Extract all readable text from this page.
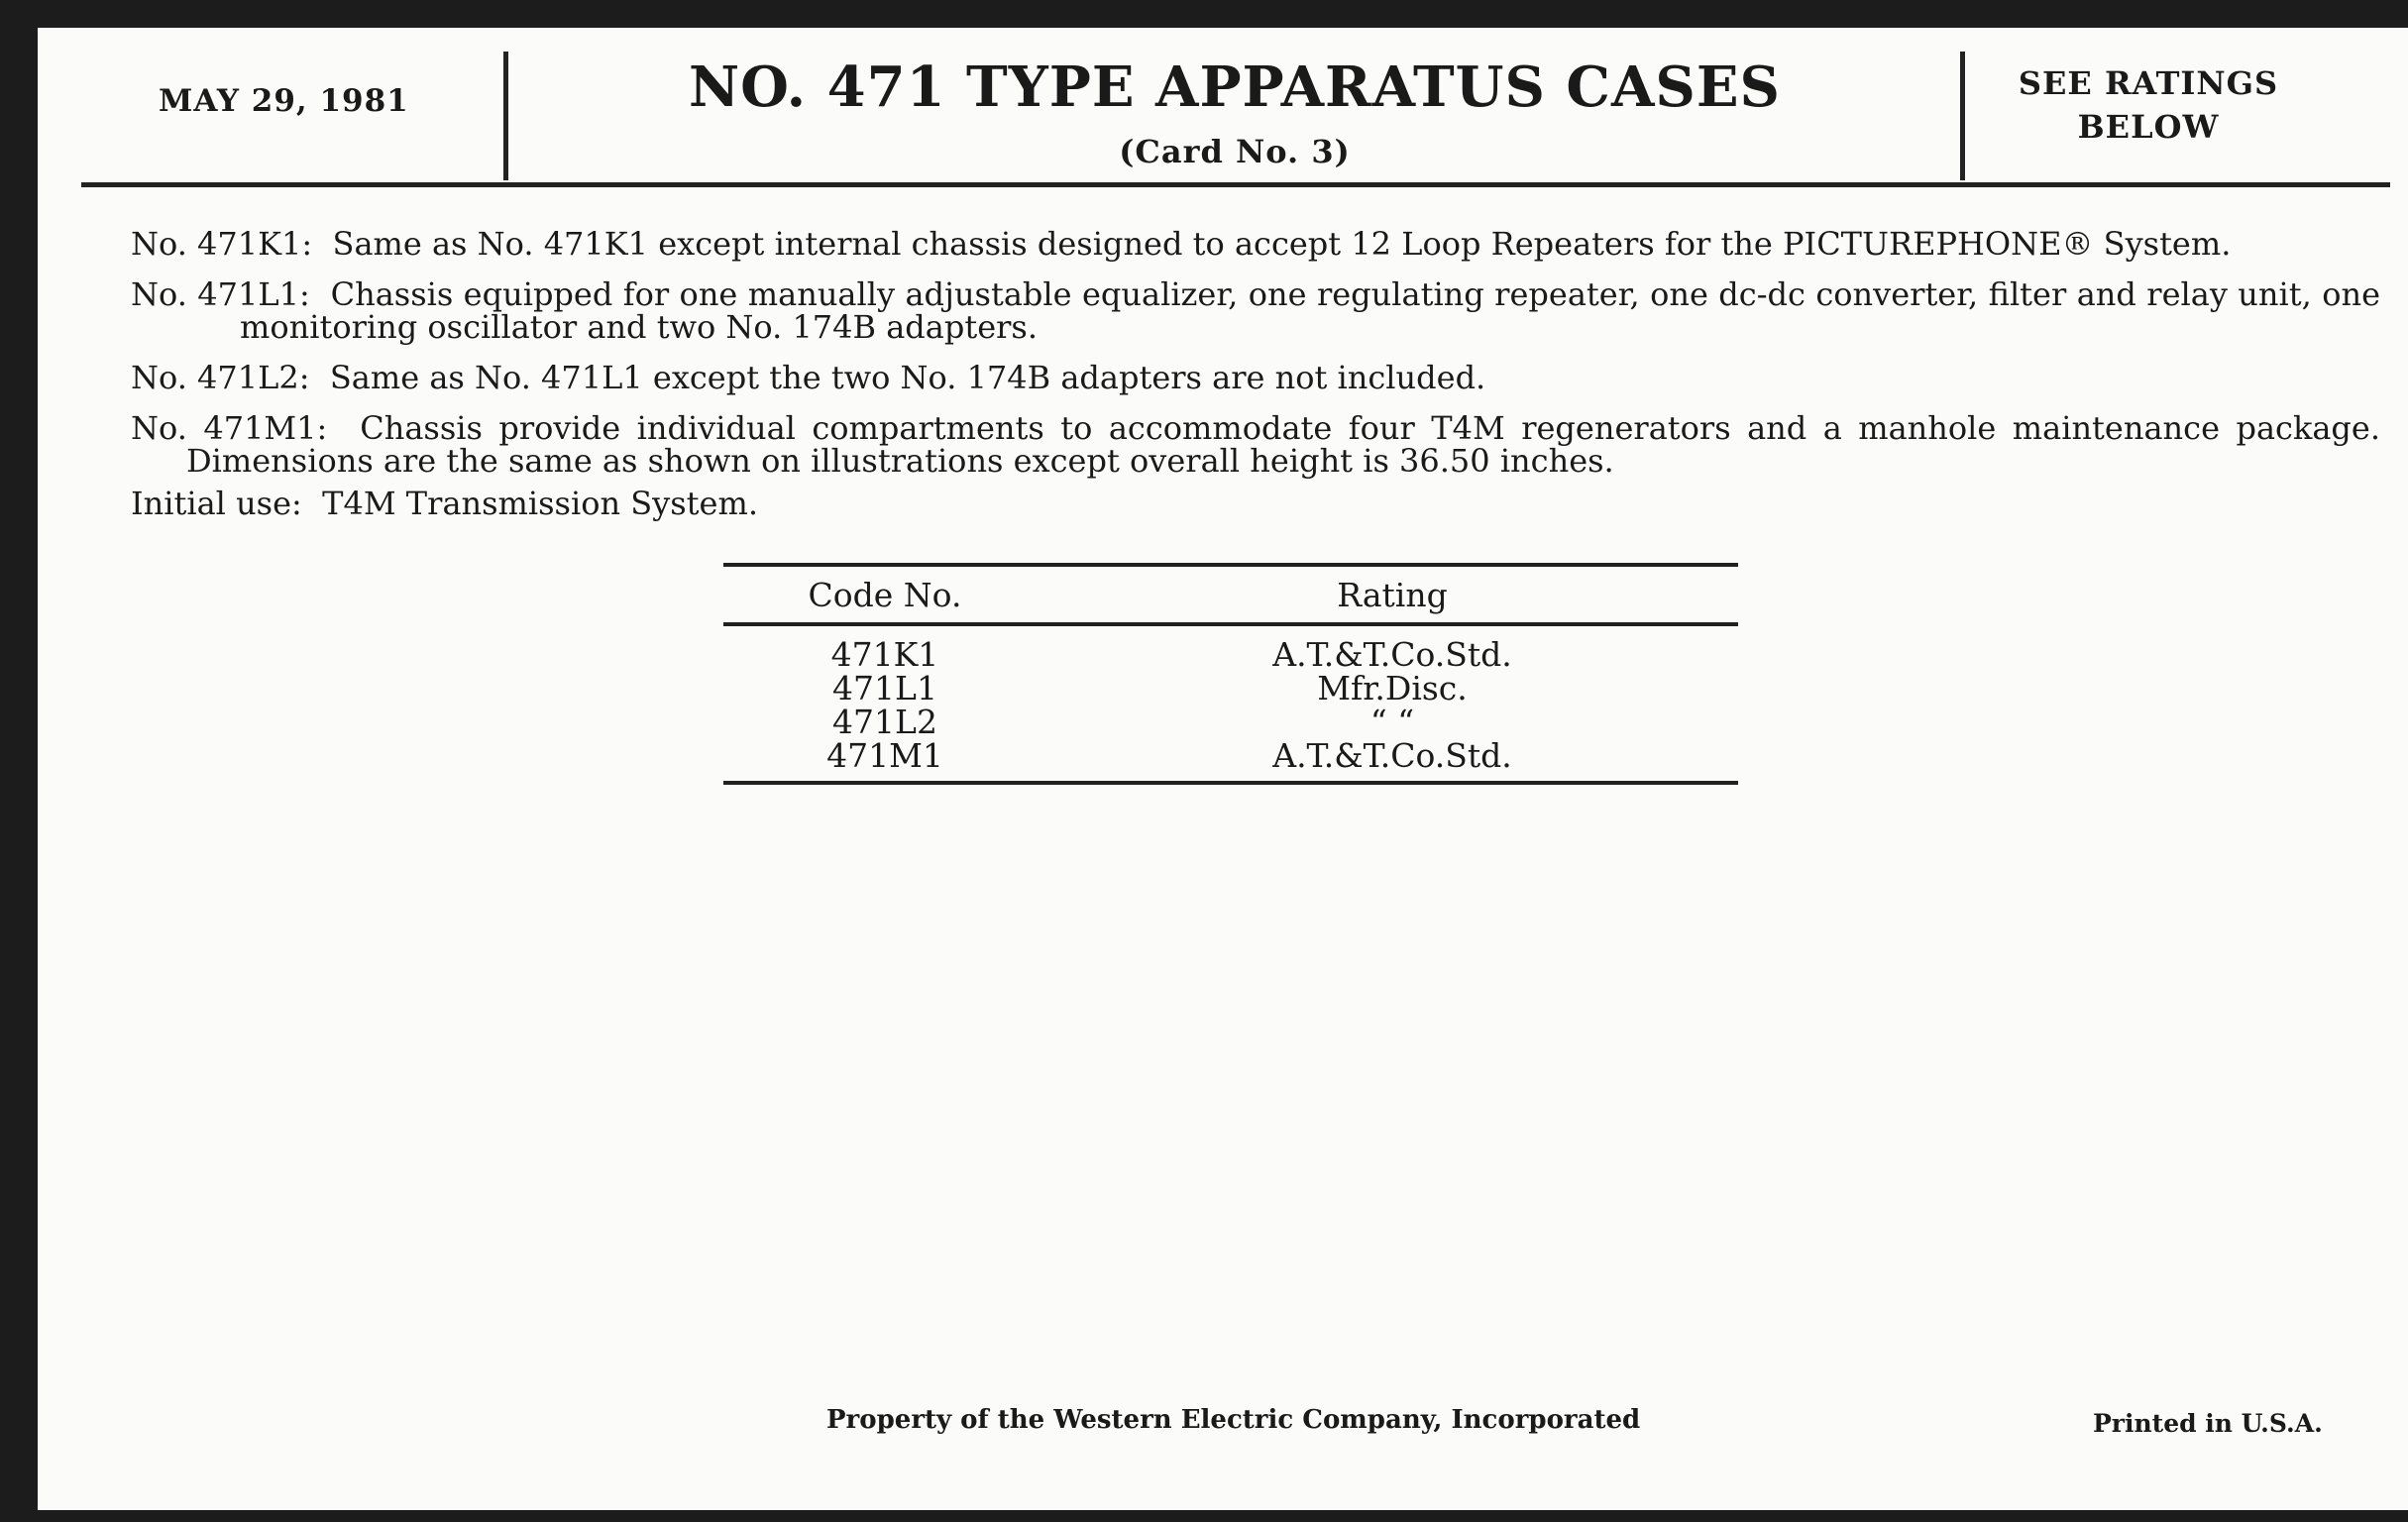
MAY 29, 1981	NO. 471 TYPE APPARATUS CASES
(Card No. 3)
SEE RATINGS
BELOW
No. 471K1: Same as No. 471K1 except internal chassis designed to accept 12 Loop Repeaters for the PICTUREPHONE® System.
No. 471L1: Chassis equipped for one manually adjustable equalizer, one regulating repeater, one dc-dc converter, filter and relay unit, one monitoring oscillator and two No. 174B adapters.
No. 471L2: Same as No. 471L1 except the two No. 174B adapters are not included.
No. 471M1: Chassis provide individual compartments to accommodate four T4M regenerators and a manhole maintenance package. Dimensions are the same as shown on illustrations except overall height is 36.50 inches.
Initial use: T4M Transmission System.
Code No.	Rating
471K1	A.T.&T.Co.Std.
471L1	Mfr.Disc.
471L2	“ “
471M1	A.T.&T.Co.Std.
Property of the Western Electric Company, Incorporated	Printed in U.S.A.
